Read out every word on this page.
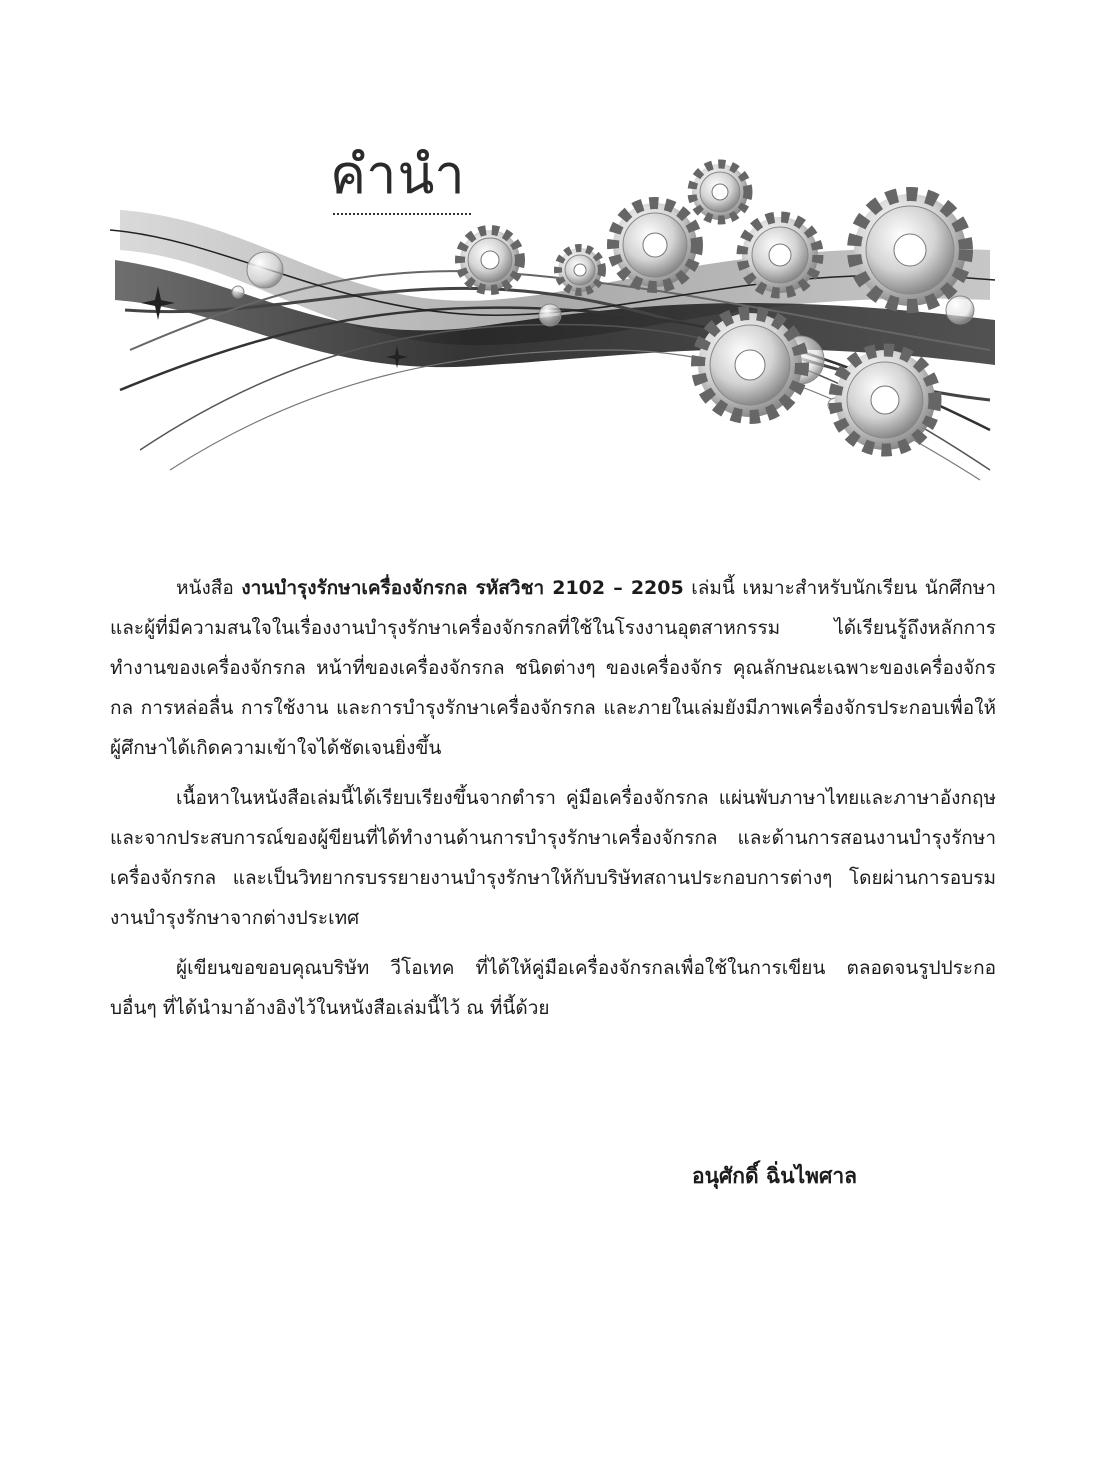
คำนำ

หนังสือ งานบำรุงรักษาเครื่องจักรกล รหัสวิชา 2102 – 2205 เล่มนี้ เหมาะสำหรับนักเรียน นักศึกษา และผู้ที่มีความสนใจในเรื่องงานบำรุงรักษาเครื่องจักรกลที่ใช้ในโรงงานอุตสาหกรรม ได้เรียนรู้ถึงหลักการทำงานของเครื่องจักรกล หน้าที่ของเครื่องจักรกล ชนิดต่างๆ ของเครื่องจักร คุณลักษณะเฉพาะของเครื่องจักรกล การหล่อลื่น การใช้งาน และการบำรุงรักษาเครื่องจักรกล และภายในเล่มยังมีภาพเครื่องจักรประกอบเพื่อให้ผู้ศึกษาได้เกิดความเข้าใจได้ชัดเจนยิ่งขึ้น

เนื้อหาในหนังสือเล่มนี้ได้เรียบเรียงขึ้นจากตำรา คู่มือเครื่องจักรกล แผ่นพับภาษาไทยและภาษาอังกฤษ และจากประสบการณ์ของผู้ขียนที่ได้ทำงานด้านการบำรุงรักษาเครื่องจักรกล และด้านการสอนงานบำรุงรักษาเครื่องจักรกล และเป็นวิทยากรบรรยายงานบำรุงรักษาให้กับบริษัทสถานประกอบการต่างๆ โดยผ่านการอบรมงานบำรุงรักษาจากต่างประเทศ

ผู้เขียนขอขอบคุณบริษัท วีโอเทค ที่ได้ให้คู่มือเครื่องจักรกลเพื่อใช้ในการเขียน ตลอดจนรูปประกอบอื่นๆ ที่ได้นำมาอ้างอิงไว้ในหนังสือเล่มนี้ไว้ ณ ที่นี้ด้วย

อนุศักดิ์ ฉิ่นไพศาล
